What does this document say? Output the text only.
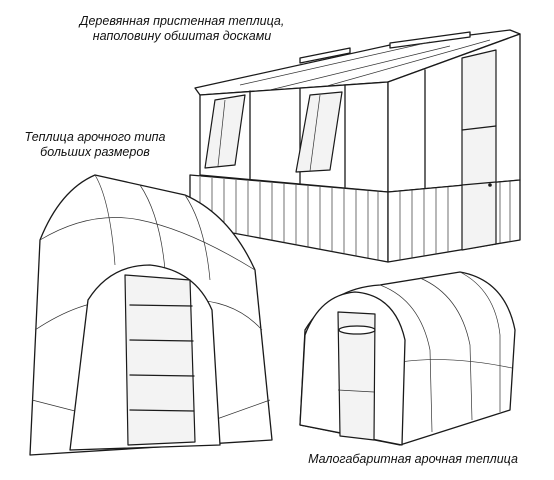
Деревянная пристенная теплица,
наполовину обшитая досками
Теплица арочного типа
больших размеров
Малогабаритная арочная теплица
